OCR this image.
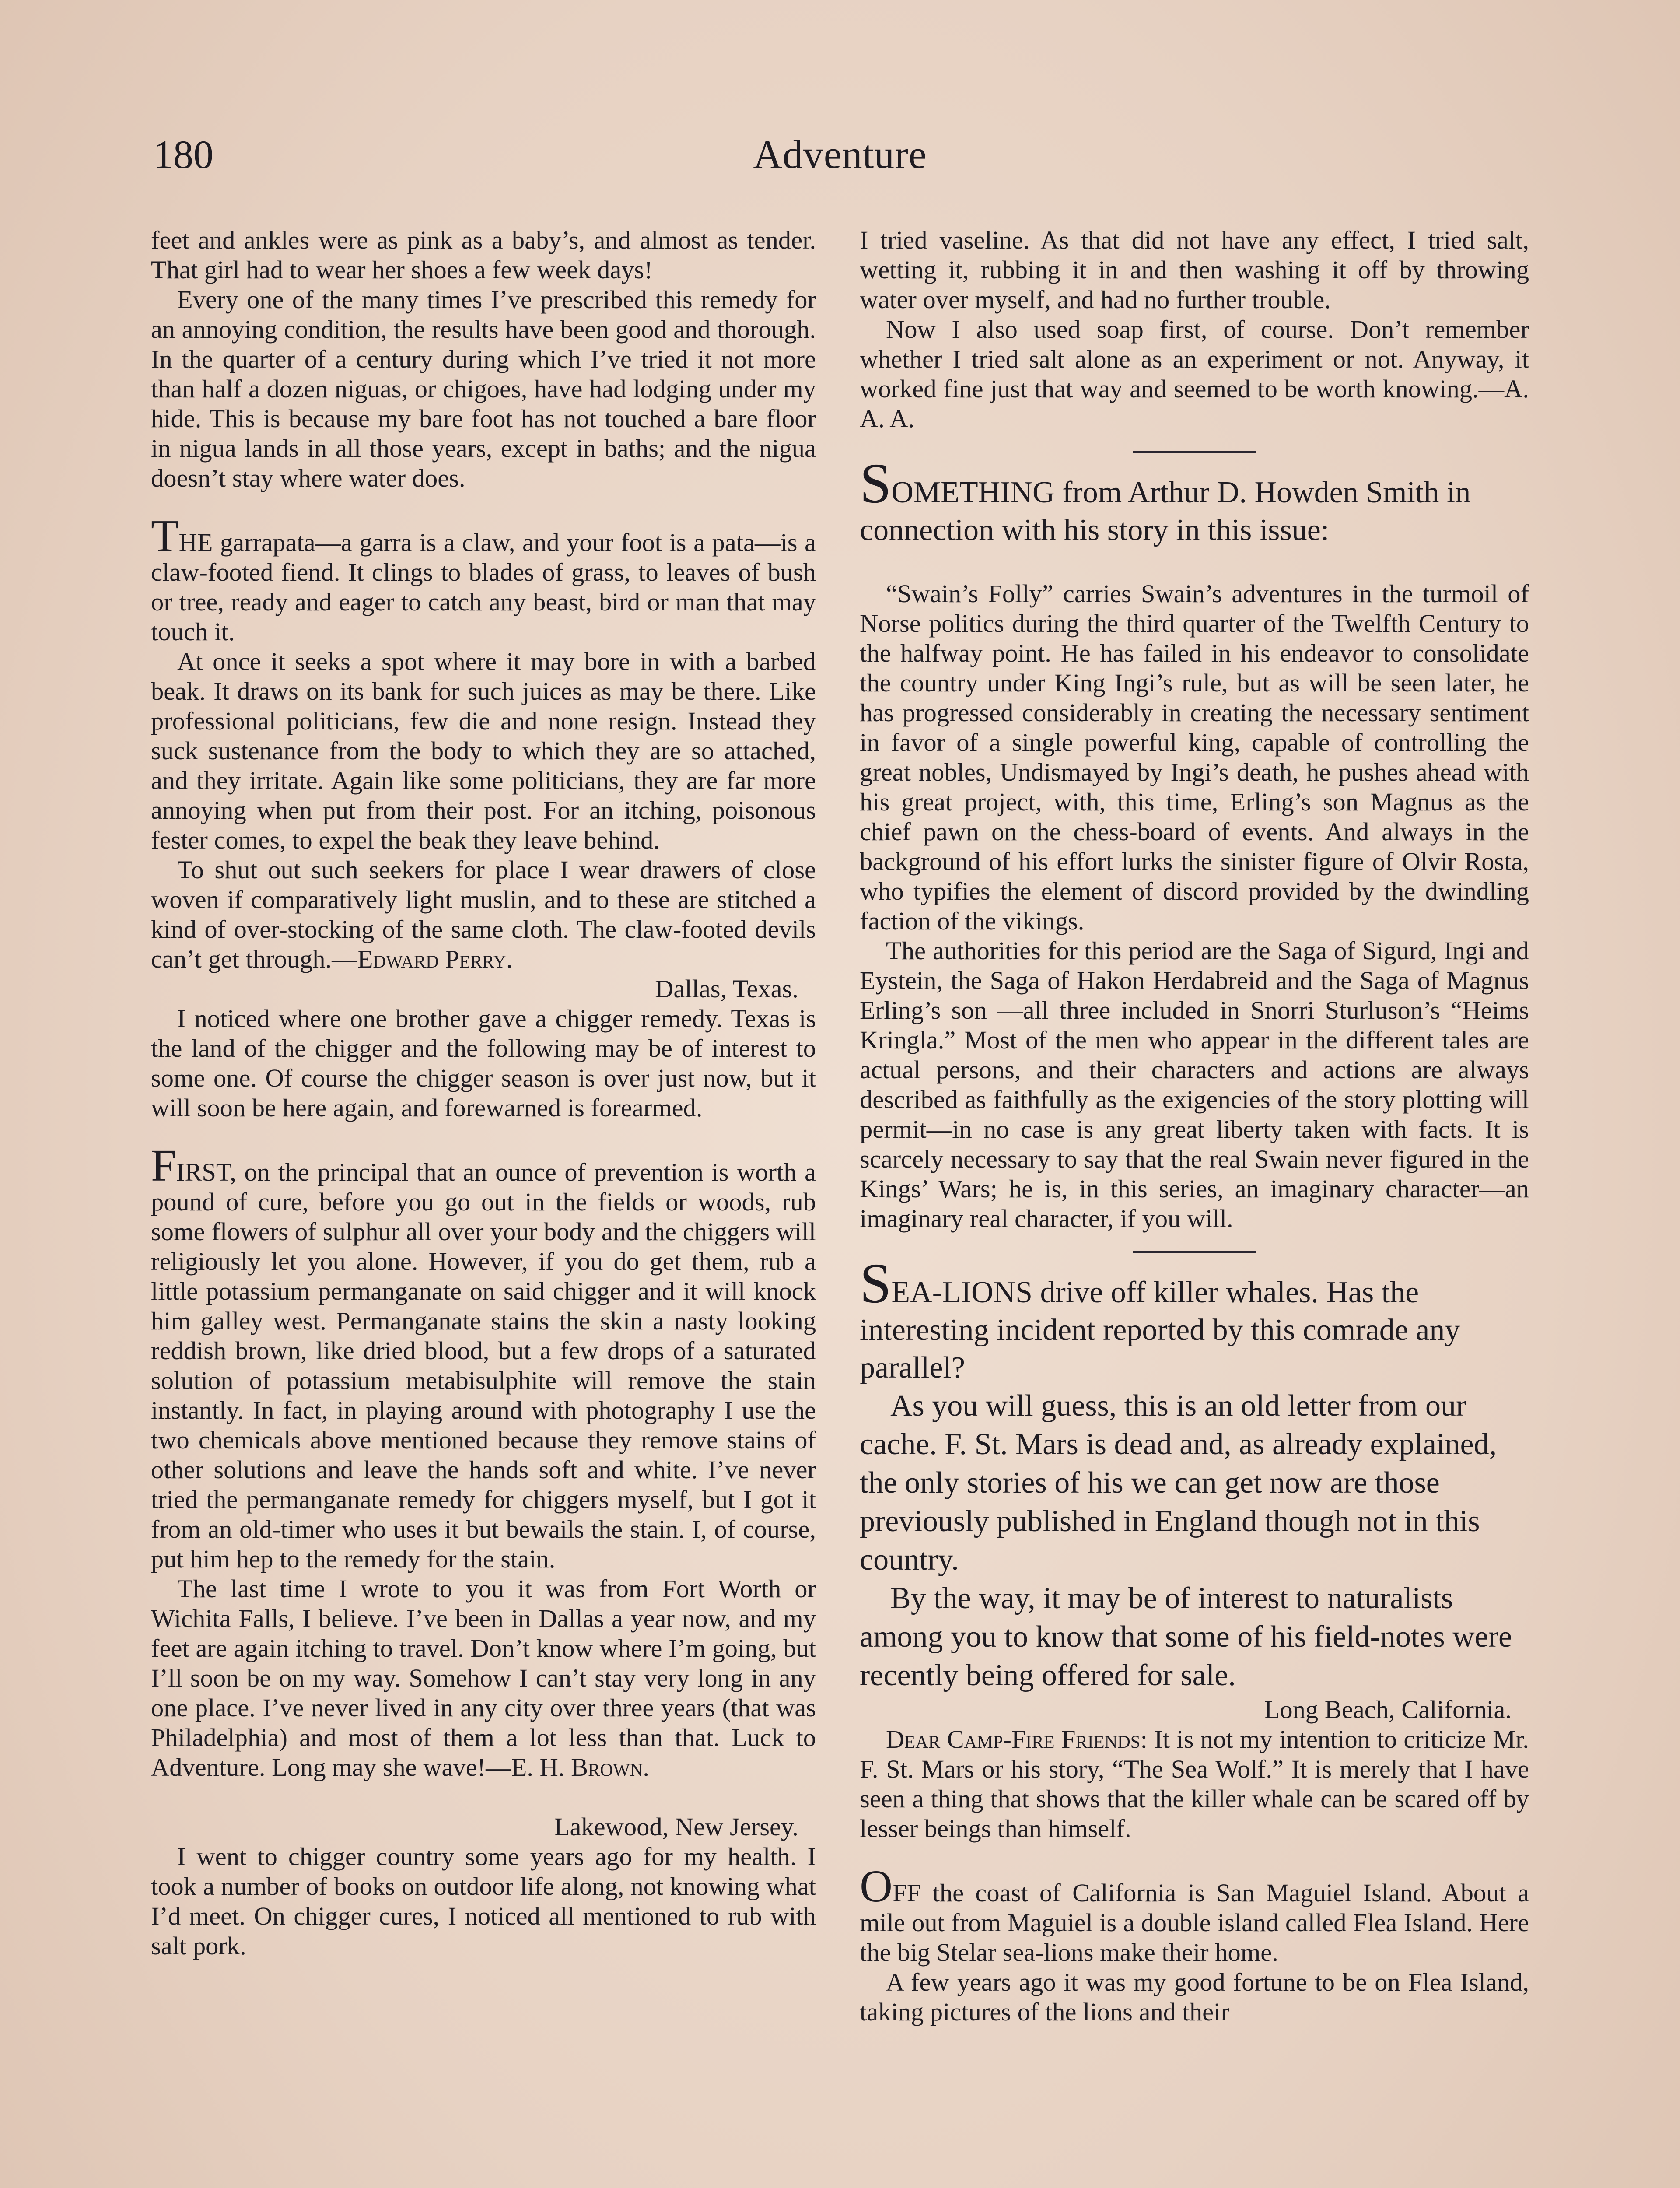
180	Adventure

feet and ankles were as pink as a baby’s, and almost as tender. That girl had to wear her shoes a few week days!

Every one of the many times I’ve prescribed this remedy for an annoying condition, the results have been good and thorough. In the quarter of a century during which I’ve tried it not more than half a dozen niguas, or chigoes, have had lodging under my hide. This is because my bare foot has not touched a bare floor in nigua lands in all those years, except in baths; and the nigua doesn’t stay where water does.

THE garrapata—a garra is a claw, and your foot is a pata—is a claw-footed fiend. It clings to blades of grass, to leaves of bush or tree, ready and eager to catch any beast, bird or man that may touch it.

At once it seeks a spot where it may bore in with a barbed beak. It draws on its bank for such juices as may be there. Like professional politicians, few die and none resign. Instead they suck sustenance from the body to which they are so attached, and they irritate. Again like some politicians, they are far more annoying when put from their post. For an itching, poisonous fester comes, to expel the beak they leave behind.

To shut out such seekers for place I wear drawers of close woven if comparatively light muslin, and to these are stitched a kind of over-stocking of the same cloth. The claw-footed devils can’t get through.—Edward Perry.

Dallas, Texas.

I noticed where one brother gave a chigger remedy. Texas is the land of the chigger and the following may be of interest to some one. Of course the chigger season is over just now, but it will soon be here again, and forewarned is forearmed.

FIRST, on the principal that an ounce of prevention is worth a pound of cure, before you go out in the fields or woods, rub some flowers of sulphur all over your body and the chiggers will religiously let you alone. However, if you do get them, rub a little potassium permanganate on said chigger and it will knock him galley west. Permanganate stains the skin a nasty looking reddish brown, like dried blood, but a few drops of a saturated solution of potassium metabisulphite will remove the stain instantly. In fact, in playing around with photography I use the two chemicals above mentioned because they remove stains of other solutions and leave the hands soft and white. I’ve never tried the permanganate remedy for chiggers myself, but I got it from an old-timer who uses it but bewails the stain. I, of course, put him hep to the remedy for the stain.

The last time I wrote to you it was from Fort Worth or Wichita Falls, I believe. I’ve been in Dallas a year now, and my feet are again itching to travel. Don’t know where I’m going, but I’ll soon be on my way. Somehow I can’t stay very long in any one place. I’ve never lived in any city over three years (that was Philadelphia) and most of them a lot less than that. Luck to Adventure. Long may she wave!—E. H. Brown.

Lakewood, New Jersey.

I went to chigger country some years ago for my health. I took a number of books on outdoor life along, not knowing what I’d meet. On chigger cures, I noticed all mentioned to rub with salt pork.

I tried vaseline. As that did not have any effect, I tried salt, wetting it, rubbing it in and then washing it off by throwing water over myself, and had no further trouble.

Now I also used soap first, of course. Don’t remember whether I tried salt alone as an experiment or not. Anyway, it worked fine just that way and seemed to be worth knowing.—A. A. A.

SOMETHING from Arthur D. Howden Smith in connection with his story in this issue:

“Swain’s Folly” carries Swain’s adventures in the turmoil of Norse politics during the third quarter of the Twelfth Century to the halfway point. He has failed in his endeavor to consolidate the country under King Ingi’s rule, but as will be seen later, he has progressed considerably in creating the necessary sentiment in favor of a single powerful king, capable of controlling the great nobles, Undismayed by Ingi’s death, he pushes ahead with his great project, with, this time, Erling’s son Magnus as the chief pawn on the chess-board of events. And always in the background of his effort lurks the sinister figure of Olvir Rosta, who typifies the element of discord provided by the dwindling faction of the vikings.

The authorities for this period are the Saga of Sigurd, Ingi and Eystein, the Saga of Hakon Herdabreid and the Saga of Magnus Erling’s son —all three included in Snorri Sturluson’s “Heims Kringla.” Most of the men who appear in the different tales are actual persons, and their characters and actions are always described as faithfully as the exigencies of the story plotting will permit—in no case is any great liberty taken with facts. It is scarcely necessary to say that the real Swain never figured in the Kings’ Wars; he is, in this series, an imaginary character—an imaginary real character, if you will.

SEA-LIONS drive off killer whales. Has the interesting incident reported by this comrade any parallel?

As you will guess, this is an old letter from our cache. F. St. Mars is dead and, as already explained, the only stories of his we can get now are those previously published in England though not in this country.

By the way, it may be of interest to naturalists among you to know that some of his field-notes were recently being offered for sale.

Long Beach, California.

Dear Camp-Fire Friends: It is not my intention to criticize Mr. F. St. Mars or his story, “The Sea Wolf.” It is merely that I have seen a thing that shows that the killer whale can be scared off by lesser beings than himself.

OFF the coast of California is San Maguiel Island. About a mile out from Maguiel is a double island called Flea Island. Here the big Stelar sea-lions make their home.

A few years ago it was my good fortune to be on Flea Island, taking pictures of the lions and their
